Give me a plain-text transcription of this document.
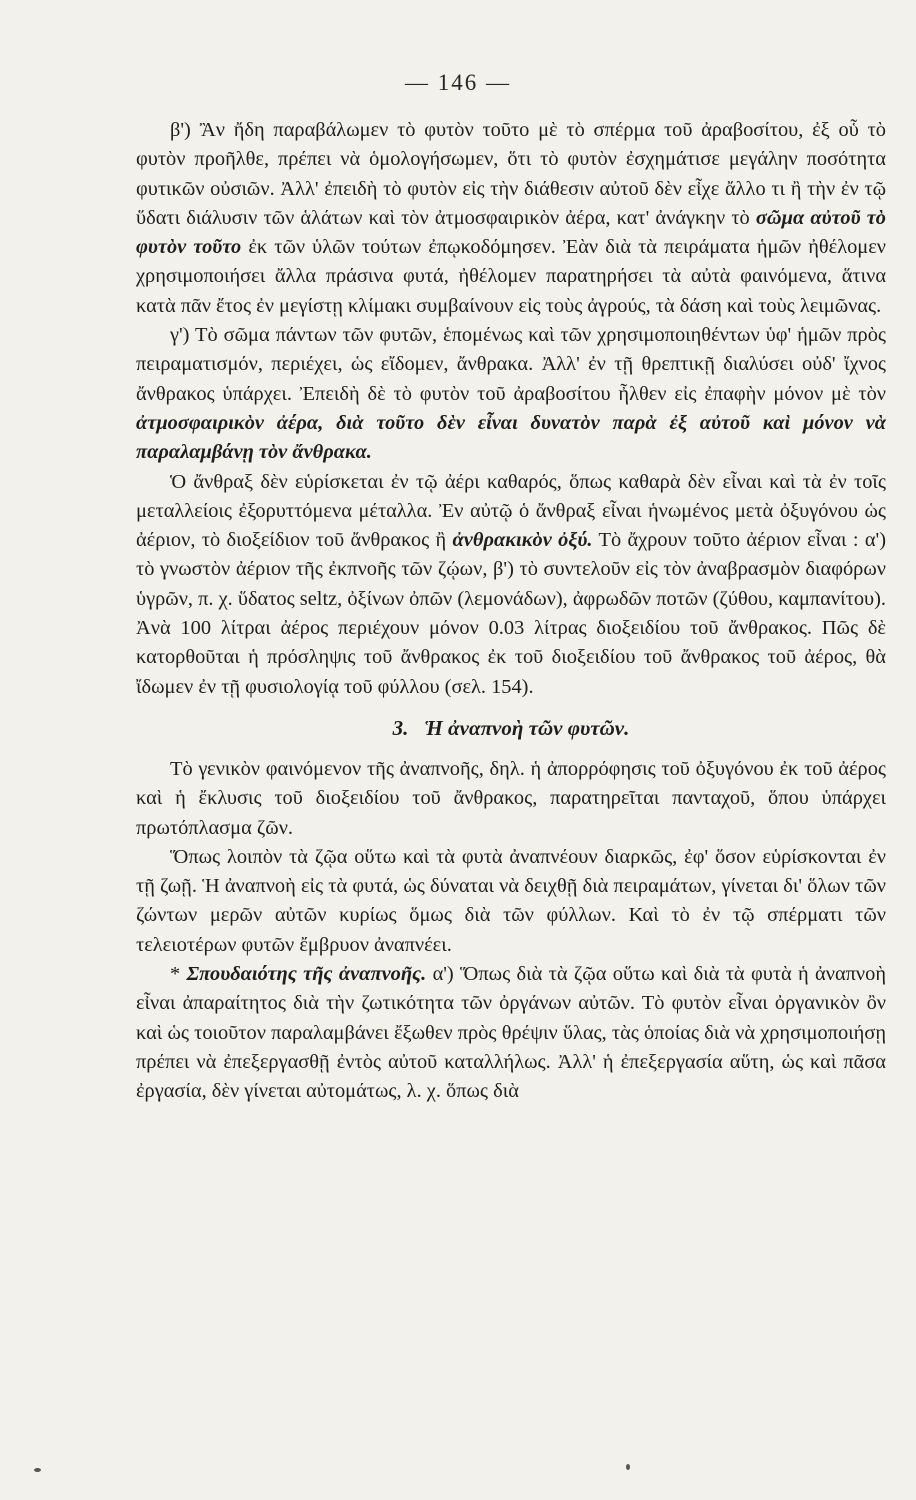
— 146 —

β') Ἂν ἤδη παραβάλωμεν τὸ φυτὸν τοῦτο μὲ τὸ σπέρμα τοῦ ἀραβοσίτου, ἐξ οὗ τὸ φυτὸν προῆλθε, πρέπει νὰ ὁμολογήσωμεν, ὅτι τὸ φυτὸν ἐσχημάτισε μεγάλην ποσότητα φυτικῶν οὐσιῶν. Ἀλλ' ἐπειδὴ τὸ φυτὸν εἰς τὴν διάθεσιν αὐτοῦ δὲν εἶχε ἄλλο τι ἢ τὴν ἐν τῷ ὕδατι διάλυσιν τῶν ἁλάτων καὶ τὸν ἀτμοσφαιρικὸν ἀέρα, κατ' ἀνάγκην τὸ σῶμα αὐτοῦ τὸ φυτὸν τοῦτο ἐκ τῶν ὑλῶν τούτων ἐπῳκοδόμησεν. Ἐὰν διὰ τὰ πειράματα ἡμῶν ἠθέλομεν χρησιμοποιήσει ἄλλα πράσινα φυτά, ἠθέλομεν παρατηρήσει τὰ αὐτὰ φαινόμενα, ἅτινα κατὰ πᾶν ἔτος ἐν μεγίστῃ κλίμακι συμβαίνουν εἰς τοὺς ἀγρούς, τὰ δάση καὶ τοὺς λειμῶνας.

γ') Τὸ σῶμα πάντων τῶν φυτῶν, ἑπομένως καὶ τῶν χρησιμοποιηθέντων ὑφ' ἡμῶν πρὸς πειραματισμόν, περιέχει, ὡς εἴδομεν, ἄνθρακα. Ἀλλ' ἐν τῇ θρεπτικῇ διαλύσει οὐδ' ἴχνος ἄνθρακος ὑπάρχει. Ἐπειδὴ δὲ τὸ φυτὸν τοῦ ἀραβοσίτου ἦλθεν εἰς ἐπαφὴν μόνον μὲ τὸν ἀτμοσφαιρικὸν ἀέρα, διὰ τοῦτο δὲν εἶναι δυνατὸν παρὰ ἐξ αὐτοῦ καὶ μόνον νὰ παραλαμβάνῃ τὸν ἄνθρακα.

Ὁ ἄνθραξ δὲν εὑρίσκεται ἐν τῷ ἀέρι καθαρός, ὅπως καθαρὰ δὲν εἶναι καὶ τὰ ἐν τοῖς μεταλλείοις ἐξορυττόμενα μέταλλα. Ἐν αὐτῷ ὁ ἄνθραξ εἶναι ἡνωμένος μετὰ ὀξυγόνου ὡς ἀέριον, τὸ διοξείδιον τοῦ ἄνθρακος ἢ ἀνθρακικὸν ὀξύ. Τὸ ἄχρουν τοῦτο ἀέριον εἶναι : α') τὸ γνωστὸν ἀέριον τῆς ἐκπνοῆς τῶν ζῴων, β') τὸ συντελοῦν εἰς τὸν ἀναβρασμὸν διαφόρων ὑγρῶν, π. χ. ὕδατος seltz, ὀξίνων ὀπῶν (λεμονάδων), ἀφρωδῶν ποτῶν (ζύθου, καμπανίτου). Ἀνὰ 100 λίτραι ἀέρος περιέχουν μόνον 0.03 λίτρας διοξειδίου τοῦ ἄνθρακος. Πῶς δὲ κατορθοῦται ἡ πρόσληψις τοῦ ἄνθρακος ἐκ τοῦ διοξειδίου τοῦ ἄνθρακος τοῦ ἀέρος, θὰ ἴδωμεν ἐν τῇ φυσιολογίᾳ τοῦ φύλλου (σελ. 154).

3. Ἡ ἀναπνοὴ τῶν φυτῶν.

Τὸ γενικὸν φαινόμενον τῆς ἀναπνοῆς, δηλ. ἡ ἀπορρόφησις τοῦ ὀξυγόνου ἐκ τοῦ ἀέρος καὶ ἡ ἔκλυσις τοῦ διοξειδίου τοῦ ἄνθρακος, παρατηρεῖται πανταχοῦ, ὅπου ὑπάρχει πρωτόπλασμα ζῶν.

Ὅπως λοιπὸν τὰ ζῷα οὕτω καὶ τὰ φυτὰ ἀναπνέουν διαρκῶς, ἐφ' ὅσον εὑρίσκονται ἐν τῇ ζωῇ. Ἡ ἀναπνοὴ εἰς τὰ φυτά, ὡς δύναται νὰ δειχθῇ διὰ πειραμάτων, γίνεται δι' ὅλων τῶν ζώντων μερῶν αὐτῶν κυρίως ὅμως διὰ τῶν φύλλων. Καὶ τὸ ἐν τῷ σπέρματι τῶν τελειοτέρων φυτῶν ἔμβρυον ἀναπνέει.

* Σπουδαιότης τῆς ἀναπνοῆς. α') Ὅπως διὰ τὰ ζῷα οὕτω καὶ διὰ τὰ φυτὰ ἡ ἀναπνοὴ εἶναι ἀπαραίτητος διὰ τὴν ζωτικότητα τῶν ὀργάνων αὐτῶν. Τὸ φυτὸν εἶναι ὀργανικὸν ὂν καὶ ὡς τοιοῦτον παραλαμβάνει ἔξωθεν πρὸς θρέψιν ὕλας, τὰς ὁποίας διὰ νὰ χρησιμοποιήσῃ πρέπει νὰ ἐπεξεργασθῇ ἐντὸς αὐτοῦ καταλλήλως. Ἀλλ' ἡ ἐπεξεργασία αὕτη, ὡς καὶ πᾶσα ἐργασία, δὲν γίνεται αὐτομάτως, λ. χ. ὅπως διὰ
